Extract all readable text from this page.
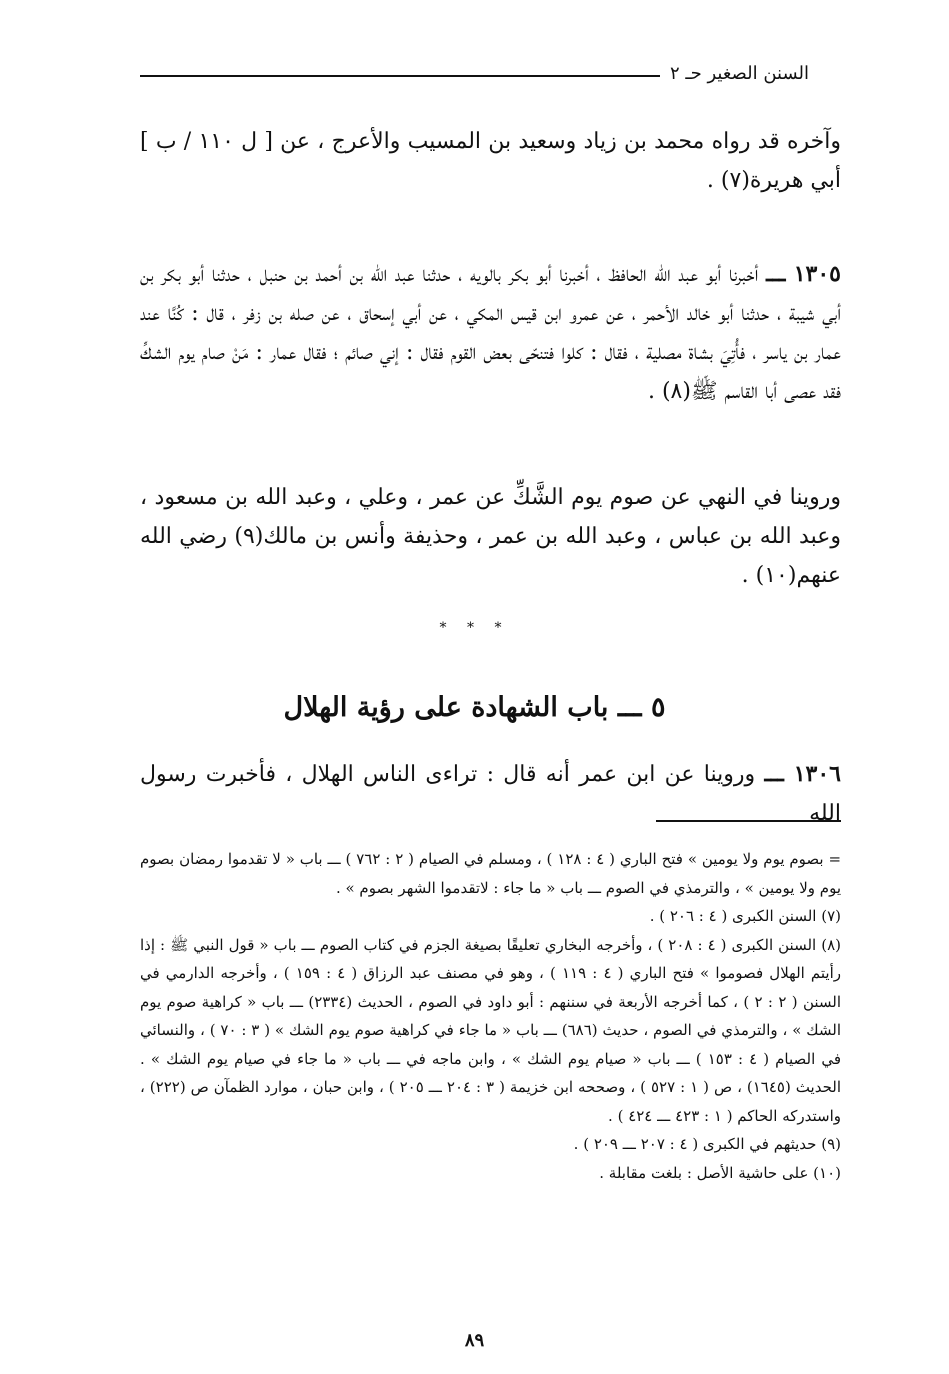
السنن الصغير حـ ٢

وآخره قد رواه محمد بن زياد وسعيد بن المسيب والأعرج ، عن [ ل ١١٠ / ب ] أبي هريرة(٧) .

١٣٠٥ ـــ أخبرنا أبو عبد الله الحافظ ، أخبرنا أبو بكر بالويه ، حدثنا عبد الله بن أحمد بن حنبل ، حدثنا أبو بكر بن أبي شيبة ، حدثنا أبو خالد الأحمر ، عن عمرو ابن قيس المكي ، عن أبي إسحاق ، عن صله بن زفر ، قال : كُنَّا عند عمار بن ياسر ، فأُتِيَ بشاة مصلية ، فقال : كلوا فتنحّى بعض القوم فقال : إني صائم ؛ فقال عمار : مَنْ صام يوم الشكِّ فقد عصى أبا القاسم ﷺ(٨) .

وروينا في النهي عن صوم يوم الشَّكِّ عن عمر ، وعلي ، وعبد الله بن مسعود ، وعبد الله بن عباس ، وعبد الله بن عمر ، وحذيفة وأنس بن مالك(٩) رضي الله عنهم(١٠) .

* * *
٥ ـــ باب الشهادة على رؤية الهلال

١٣٠٦ ـــ وروينا عن ابن عمر أنه قال : تراءى الناس الهلال ، فأخبرت رسول الله

= بصوم يوم ولا يومين » فتح الباري ( ٤ : ١٢٨ ) ، ومسلم في الصيام ( ٢ : ٧٦٢ ) ـــ باب « لا تقدموا رمضان بصوم يوم ولا يومين » ، والترمذي في الصوم ـــ باب « ما جاء : لاتقدموا الشهر بصوم » .

(٧) السنن الكبرى ( ٤ : ٢٠٦ ) .

(٨) السنن الكبرى ( ٤ : ٢٠٨ ) ، وأخرجه البخاري تعليقًا بصيغة الجزم في كتاب الصوم ـــ باب « قول النبي ﷺ : إذا رأيتم الهلال فصوموا » فتح الباري ( ٤ : ١١٩ ) ، وهو في مصنف عبد الرزاق ( ٤ : ١٥٩ ) ، وأخرجه الدارمي في السنن ( ٢ : ٢ ) ، كما أخرجه الأربعة في سننهم : أبو داود في الصوم ، الحديث (٢٣٣٤) ـــ باب « كراهية صوم يوم الشك » ، والترمذي في الصوم ، حديث (٦٨٦) ـــ باب « ما جاء في كراهية صوم يوم الشك » ( ٣ : ٧٠ ) ، والنسائي في الصيام ( ٤ : ١٥٣ ) ـــ باب « صيام يوم الشك » ، وابن ماجه في ـــ باب « ما جاء في صيام يوم الشك » . الحديث (١٦٤٥) ، ص ( ١ : ٥٢٧ ) ، وصححه ابن خزيمة ( ٣ : ٢٠٤ ـــ ٢٠٥ ) ، وابن حبان ، موارد الظمآن ص (٢٢٢) ، واستدركه الحاكم ( ١ : ٤٢٣ ـــ ٤٢٤ ) .

(٩) حديثهم في الكبرى ( ٤ : ٢٠٧ ـــ ٢٠٩ ) .

(١٠) على حاشية الأصل : بلغت مقابلة .

٨٩
